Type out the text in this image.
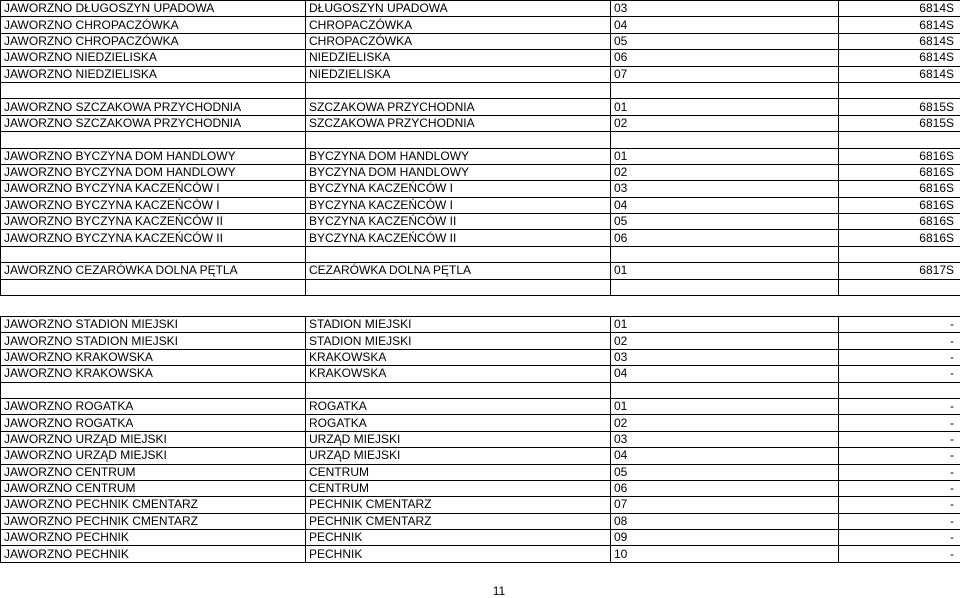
JAWORZNO DŁUGOSZYN UPADOWA	DŁUGOSZYN UPADOWA	03	6814S
JAWORZNO CHROPACZÓWKA	CHROPACZÓWKA	04	6814S
JAWORZNO CHROPACZÓWKA	CHROPACZÓWKA	05	6814S
JAWORZNO NIEDZIELISKA	NIEDZIELISKA	06	6814S
JAWORZNO NIEDZIELISKA	NIEDZIELISKA	07	6814S

JAWORZNO SZCZAKOWA PRZYCHODNIA	SZCZAKOWA PRZYCHODNIA	01	6815S
JAWORZNO SZCZAKOWA PRZYCHODNIA	SZCZAKOWA PRZYCHODNIA	02	6815S

JAWORZNO BYCZYNA DOM HANDLOWY	BYCZYNA DOM HANDLOWY	01	6816S
JAWORZNO BYCZYNA DOM HANDLOWY	BYCZYNA DOM HANDLOWY	02	6816S
JAWORZNO BYCZYNA KACZEŃCÓW I	BYCZYNA KACZEŃCÓW I	03	6816S
JAWORZNO BYCZYNA KACZEŃCÓW I	BYCZYNA KACZEŃCÓW I	04	6816S
JAWORZNO BYCZYNA KACZEŃCÓW II	BYCZYNA KACZEŃCÓW II	05	6816S
JAWORZNO BYCZYNA KACZEŃCÓW II	BYCZYNA KACZEŃCÓW II	06	6816S

JAWORZNO CEZARÓWKA DOLNA PĘTLA	CEZARÓWKA DOLNA PĘTLA	01	6817S

JAWORZNO STADION MIEJSKI	STADION MIEJSKI	01	-
JAWORZNO STADION MIEJSKI	STADION MIEJSKI	02	-
JAWORZNO KRAKOWSKA	KRAKOWSKA	03	-
JAWORZNO KRAKOWSKA	KRAKOWSKA	04	-

JAWORZNO ROGATKA	ROGATKA	01	-
JAWORZNO ROGATKA	ROGATKA	02	-
JAWORZNO URZĄD MIEJSKI	URZĄD MIEJSKI	03	-
JAWORZNO URZĄD MIEJSKI	URZĄD MIEJSKI	04	-
JAWORZNO CENTRUM	CENTRUM	05	-
JAWORZNO CENTRUM	CENTRUM	06	-
JAWORZNO PECHNIK CMENTARZ	PECHNIK CMENTARZ	07	-
JAWORZNO PECHNIK CMENTARZ	PECHNIK CMENTARZ	08	-
JAWORZNO PECHNIK	PECHNIK	09	-
JAWORZNO PECHNIK	PECHNIK	10	-
11
